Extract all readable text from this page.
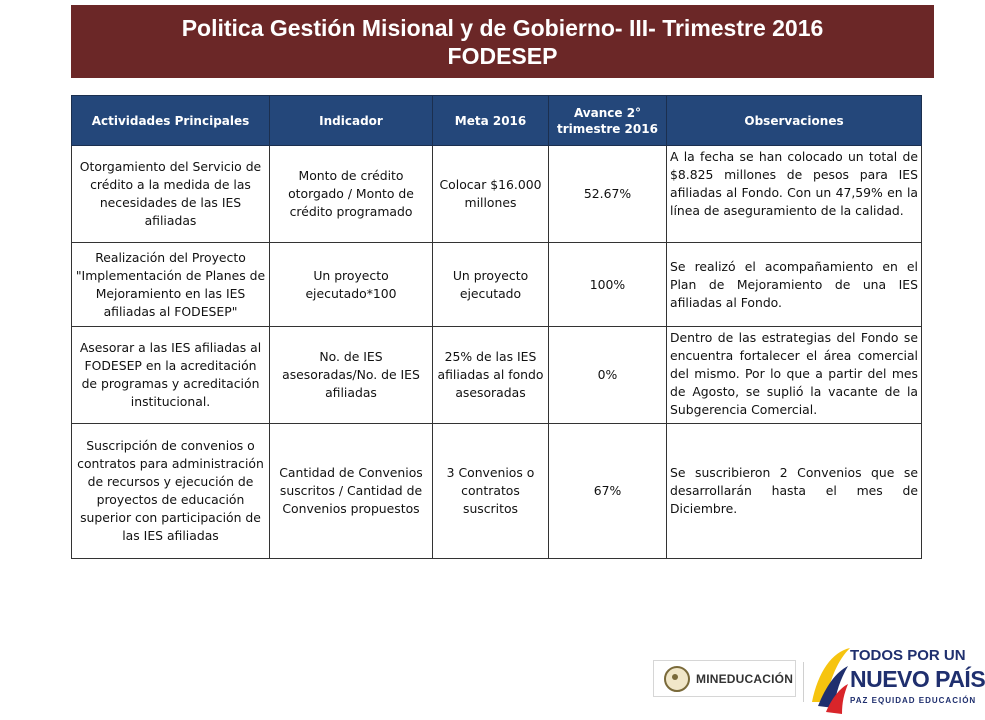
Politica Gestión Misional y de Gobierno- III- Trimestre 2016
FODESEP
Actividades Principales	Indicador	Meta 2016	Avance 2° trimestre 2016	Observaciones
Otorgamiento del Servicio de crédito a la medida de las necesidades de las IES afiliadas	Monto de crédito otorgado / Monto de crédito programado	Colocar $16.000 millones	52.67%	A la fecha se han colocado un total de $8.825 millones de pesos para IES afiliadas al Fondo. Con un 47,59% en la línea de aseguramiento de la calidad.
Realización del Proyecto "Implementación de Planes de Mejoramiento en las IES afiliadas al FODESEP"	Un proyecto ejecutado*100	Un proyecto ejecutado	100%	Se realizó el acompañamiento en el Plan de Mejoramiento de una IES afiliadas al Fondo.
Asesorar a las IES afiliadas al FODESEP en la acreditación de programas y acreditación institucional.	No. de IES asesoradas/No. de IES afiliadas	25% de las IES afiliadas al fondo asesoradas	0%	Dentro de las estrategias del Fondo se encuentra fortalecer el área comercial del mismo. Por lo que a partir del mes de Agosto, se suplió la vacante de la Subgerencia Comercial.
Suscripción de convenios o contratos para administración de recursos y ejecución de proyectos de educación superior con participación de las IES afiliadas	Cantidad de Convenios suscritos / Cantidad de Convenios propuestos	3 Convenios o contratos suscritos	67%	Se suscribieron 2 Convenios que se desarrollarán hasta el mes de Diciembre.
MINEDUCACIÓN
TODOS POR UN
NUEVO PAÍS
PAZ EQUIDAD EDUCACIÓN
